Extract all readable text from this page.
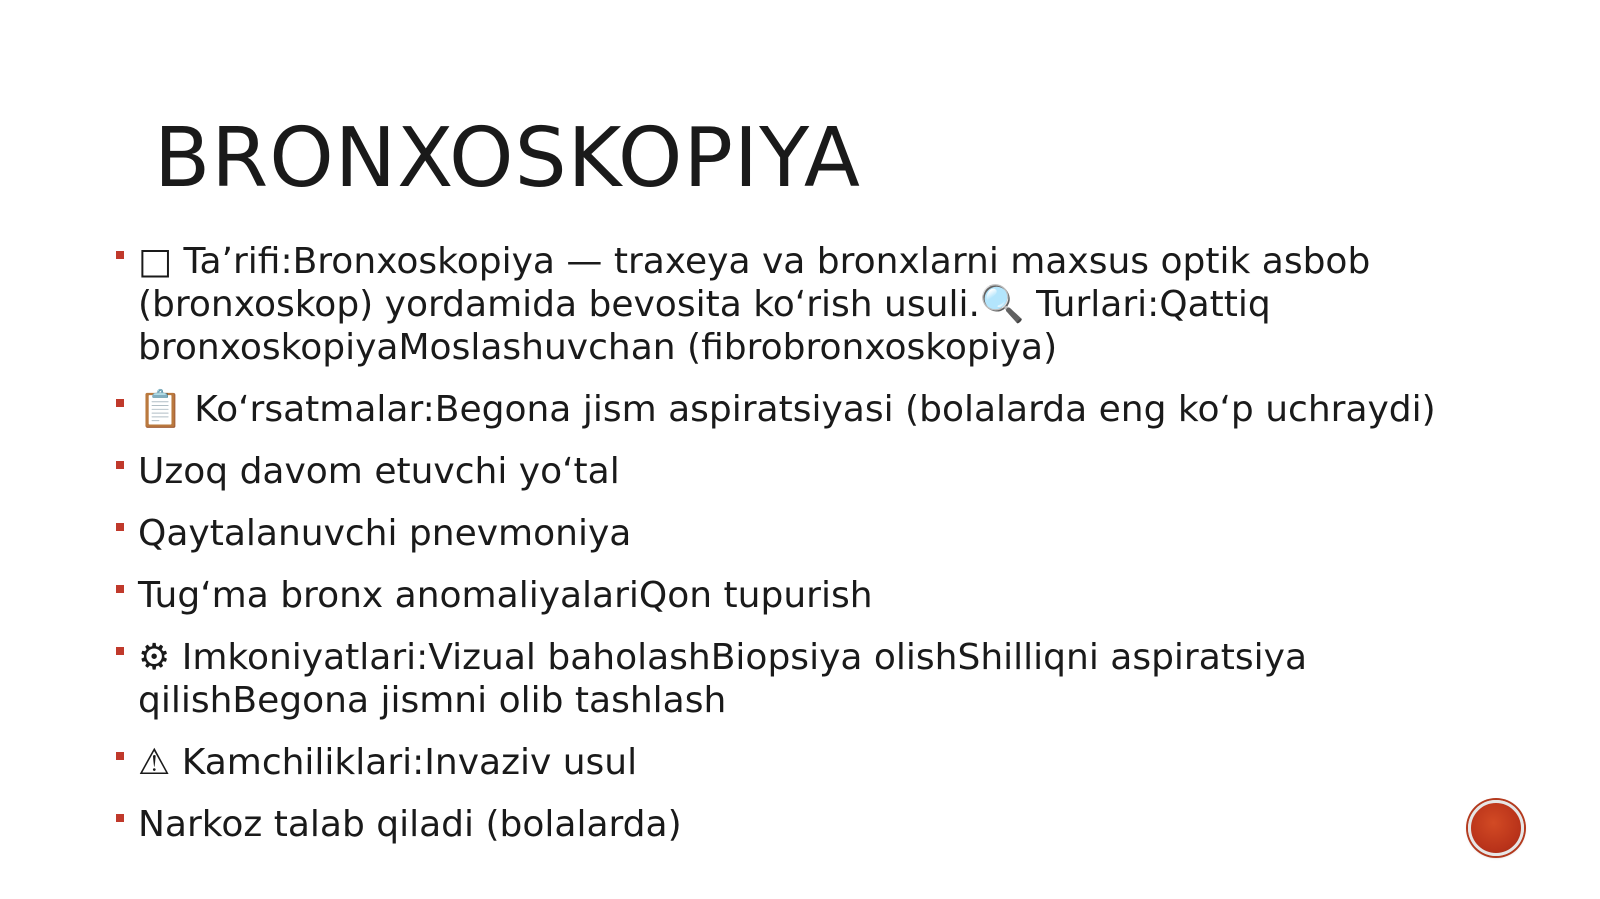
BRONXOSKOPIYA
□ Ta’rifi:Bronxoskopiya — traxeya va bronxlarni maxsus optik asbob (bronxoskop) yordamida bevosita ko‘rish usuli.🔍 Turlari:Qattiq bronxoskopiyaMoslashuvchan (fibrobronxoskopiya)
📋 Ko‘rsatmalar:Begona jism aspiratsiyasi (bolalarda eng ko‘p uchraydi)
Uzoq davom etuvchi yo‘tal
Qaytalanuvchi pnevmoniya
Tug‘ma bronx anomaliyalariQon tupurish
⚙ Imkoniyatlari:Vizual baholashBiopsiya olishShilliqni aspiratsiya qilishBegona jismni olib tashlash
⚠ Kamchiliklari:Invaziv usul
Narkoz talab qiladi (bolalarda)
